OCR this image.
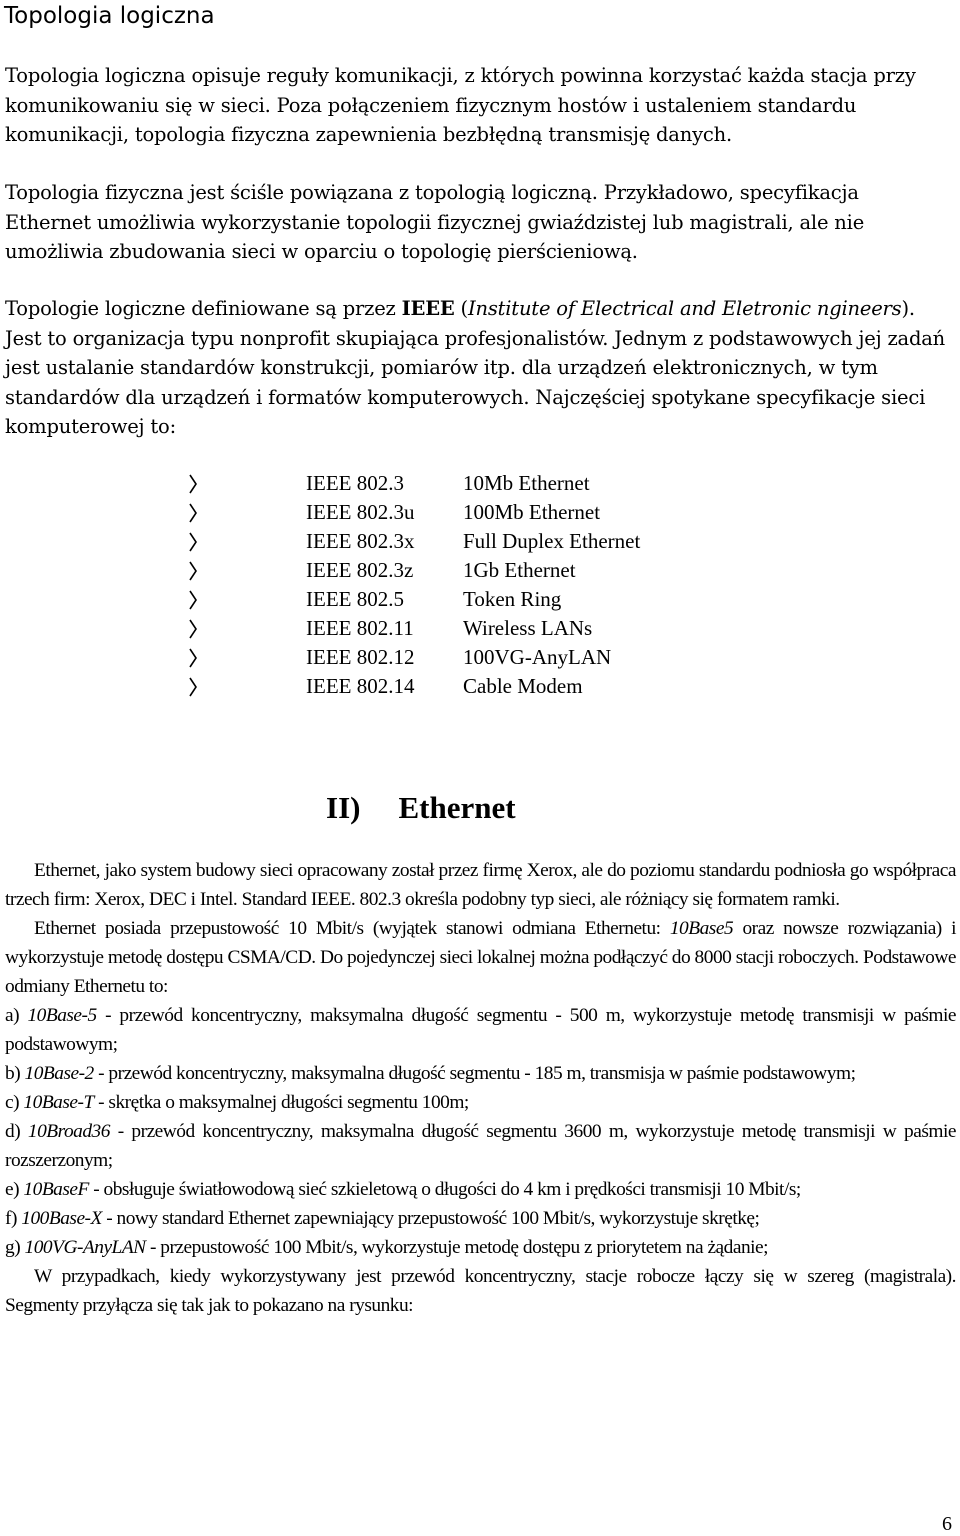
Topologia logiczna
Topologia logiczna opisuje reguły komunikacji, z których powinna korzystać każda stacja przy komunikowaniu się w sieci. Poza połączeniem fizycznym hostów i ustaleniem standardu komunikacji, topologia fizyczna zapewnienia bezbłędną transmisję danych.
Topologia fizyczna jest ściśle powiązana z topologią logiczną. Przykładowo, specyfikacja Ethernet umożliwia wykorzystanie topologii fizycznej gwiaździstej lub magistrali, ale nie umożliwia zbudowania sieci w oparciu o topologię pierścieniową.
Topologie logiczne definiowane są przez IEEE (Institute of Electrical and Eletronic ngineers). Jest to organizacja typu nonprofit skupiająca profesjonalistów. Jednym z podstawowych jej zadań jest ustalanie standardów konstrukcji, pomiarów itp. dla urządzeń elektronicznych, w tym standardów dla urządzeń i formatów komputerowych. Najczęściej spotykane specyfikacje sieci komputerowej to:
IEEE 802.3	10Mb Ethernet
IEEE 802.3u	100Mb Ethernet
IEEE 802.3x	Full Duplex Ethernet
IEEE 802.3z	1Gb Ethernet
IEEE 802.5	Token Ring
IEEE 802.11	Wireless LANs
IEEE 802.12	100VG-AnyLAN
IEEE 802.14	Cable Modem
II) Ethernet

Ethernet, jako system budowy sieci opracowany został przez firmę Xerox, ale do poziomu standardu podniosła go współpraca trzech firm: Xerox, DEC i Intel. Standard IEEE. 802.3 określa podobny typ sieci, ale różniący się formatem ramki.

Ethernet posiada przepustowość 10 Mbit/s (wyjątek stanowi odmiana Ethernetu: 10Base5 oraz nowsze rozwiązania) i wykorzystuje metodę dostępu CSMA/CD. Do pojedynczej sieci lokalnej można podłączyć do 8000 stacji roboczych. Podstawowe odmiany Ethernetu to:

a) 10Base-5 - przewód koncentryczny, maksymalna długość segmentu - 500 m, wykorzystuje metodę transmisji w paśmie podstawowym;

b) 10Base-2 - przewód koncentryczny, maksymalna długość segmentu - 185 m, transmisja w paśmie podstawowym;

c) 10Base-T - skrętka o maksymalnej długości segmentu 100m;

d) 10Broad36 - przewód koncentryczny, maksymalna długość segmentu 3600 m, wykorzystuje metodę transmisji w paśmie rozszerzonym;

e) 10BaseF - obsługuje światłowodową sieć szkieletową o długości do 4 km i prędkości transmisji 10 Mbit/s;

f) 100Base-X - nowy standard Ethernet zapewniający przepustowość 100 Mbit/s, wykorzystuje skrętkę;

g) 100VG-AnyLAN - przepustowość 100 Mbit/s, wykorzystuje metodę dostępu z priorytetem na żądanie;

W przypadkach, kiedy wykorzystywany jest przewód koncentryczny, stacje robocze łączy się w szereg (magistrala). Segmenty przyłącza się tak jak to pokazano na rysunku:

6
